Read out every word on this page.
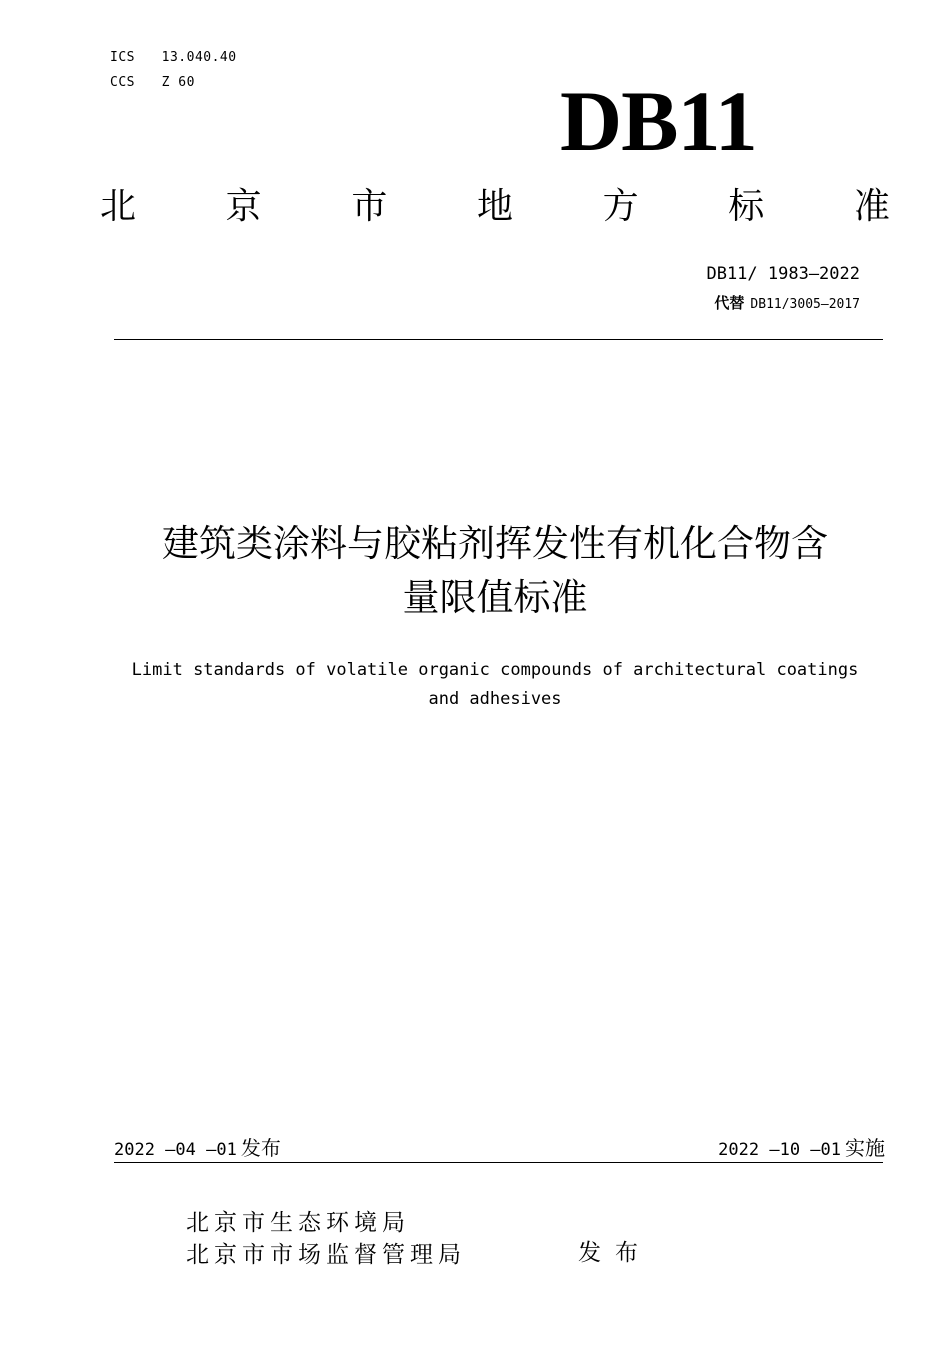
ICS 13.040.40
CCS Z 60	DB11
北 京 市 地 方 标 准
DB11/ 1983—2022
代替 DB11/3005—2017
建筑类涂料与胶粘剂挥发性有机化合物含
量限值标准
Limit standards of volatile organic compounds of architectural coatings
and adhesives
2022 —04 —01 发布	2022 —10 —01 实施
北京市生态环境局
北京市市场监督管理局	发布
